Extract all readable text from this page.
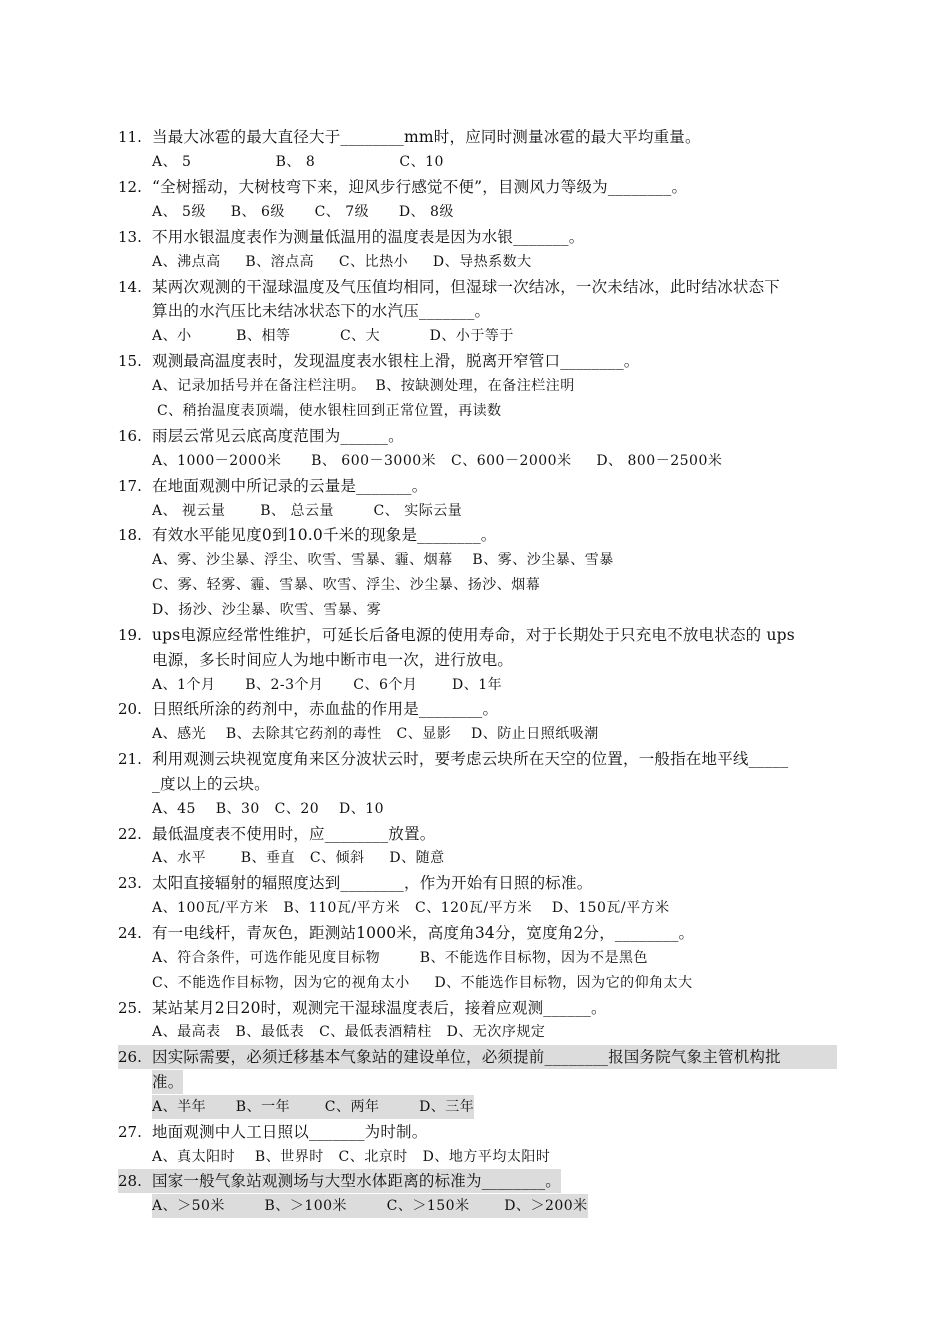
11. 当最大冰雹的最大直径大于________mm时，应同时测量冰雹的最大平均重量。
A、 5                 B、 8                 C、10
12. “全树摇动，大树枝弯下来，迎风步行感觉不便”，目测风力等级为________。
A、 5级     B、 6级      C、 7级      D、 8级
13. 不用水银温度表作为测量低温用的温度表是因为水银_______。
A、沸点高     B、溶点高     C、比热小     D、导热系数大
14. 某两次观测的干湿球温度及气压值均相同，但湿球一次结冰，一次未结冰，此时结冰状态下
算出的水汽压比未结冰状态下的水汽压_______。
A、小         B、相等          C、大          D、小于等于
15. 观测最高温度表时，发现温度表水银柱上滑，脱离开窄管口________。
A、记录加括号并在备注栏注明。  B、按缺测处理，在备注栏注明
C、稍抬温度表顶端，使水银柱回到正常位置，再读数
16. 雨层云常见云底高度范围为______。
A、1000－2000米      B、 600－3000米   C、600－2000米     D、 800－2500米
17. 在地面观测中所记录的云量是_______。
A、 视云量       B、 总云量        C、 实际云量
18. 有效水平能见度0到10.0千米的现象是________。
A、雾、沙尘暴、浮尘、吹雪、雪暴、霾、烟幕    B、雾、沙尘暴、雪暴
C、雾、轻雾、霾、雪暴、吹雪、浮尘、沙尘暴、扬沙、烟幕
D、扬沙、沙尘暴、吹雪、雪暴、雾
19. ups电源应经常性维护，可延长后备电源的使用寿命，对于长期处于只充电不放电状态的 ups
电源，多长时间应人为地中断市电一次，进行放电。
A、1个月      B、2-3个月      C、6个月       D、1年
20. 日照纸所涂的药剂中，赤血盐的作用是________。
A、感光    B、去除其它药剂的毒性   C、显影    D、防止日照纸吸潮
21. 利用观测云块视宽度角来区分波状云时，要考虑云块所在天空的位置，一般指在地平线_____
_度以上的云块。
A、45    B、30   C、20    D、10
22. 最低温度表不使用时，应________放置。
A、水平       B、垂直   C、倾斜     D、随意
23. 太阳直接辐射的辐照度达到________，作为开始有日照的标准。
A、100瓦/平方米   B、110瓦/平方米   C、120瓦/平方米    D、150瓦/平方米
24. 有一电线杆，青灰色，距测站1000米，高度角34分，宽度角2分，________。
A、符合条件，可选作能见度目标物        B、不能选作目标物，因为不是黑色
C、不能选作目标物，因为它的视角太小     D、不能选作目标物，因为它的仰角太大
25. 某站某月2日20时，观测完干湿球温度表后，接着应观测______。
A、最高表   B、最低表   C、最低表酒精柱   D、无次序规定
26. 因实际需要，必须迁移基本气象站的建设单位，必须提前________报国务院气象主管机构批
准。
A、半年      B、一年       C、两年        D、三年
27. 地面观测中人工日照以_______为时制。
A、真太阳时    B、世界时   C、北京时   D、地方平均太阳时
28. 国家一般气象站观测场与大型水体距离的标准为________。
A、＞50米        B、＞100米        C、＞150米       D、＞200米
